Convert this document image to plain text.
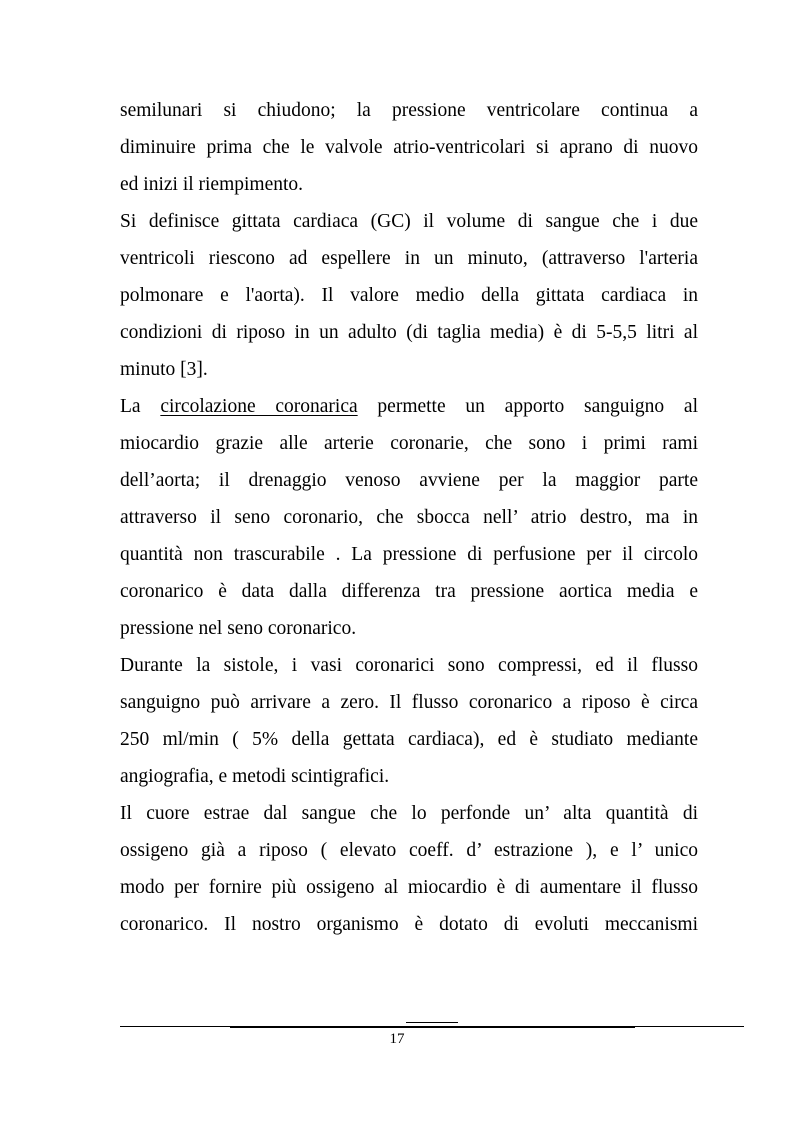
semilunari si chiudono; la pressione ventricolare continua a
diminuire prima che le valvole atrio-ventricolari si aprano di nuovo
ed inizi il riempimento.
Si definisce gittata cardiaca (GC) il volume di sangue che i due
ventricoli riescono ad espellere in un minuto, (attraverso l'arteria
polmonare e l'aorta). Il valore medio della gittata cardiaca in
condizioni di riposo in un adulto (di taglia media) è di 5-5,5 litri al
minuto [3].
La circolazione coronarica permette un apporto sanguigno al
miocardio grazie alle arterie coronarie, che sono i primi rami
dell’aorta; il drenaggio venoso avviene per la maggior parte
attraverso il seno coronario, che sbocca nell’ atrio destro, ma in
quantità non trascurabile . La pressione di perfusione per il circolo
coronarico è data dalla differenza tra pressione aortica media e
pressione nel seno coronarico.
Durante la sistole, i vasi coronarici sono compressi, ed il flusso
sanguigno può arrivare a zero. Il flusso coronarico a riposo è circa
250 ml/min ( 5% della gettata cardiaca), ed è studiato mediante
angiografia, e metodi scintigrafici.
Il cuore estrae dal sangue che lo perfonde un’ alta quantità di
ossigeno già a riposo ( elevato coeff. d’ estrazione ), e l’ unico
modo per fornire più ossigeno al miocardio è di aumentare il flusso
coronarico. Il nostro organismo è dotato di evoluti meccanismi
17
